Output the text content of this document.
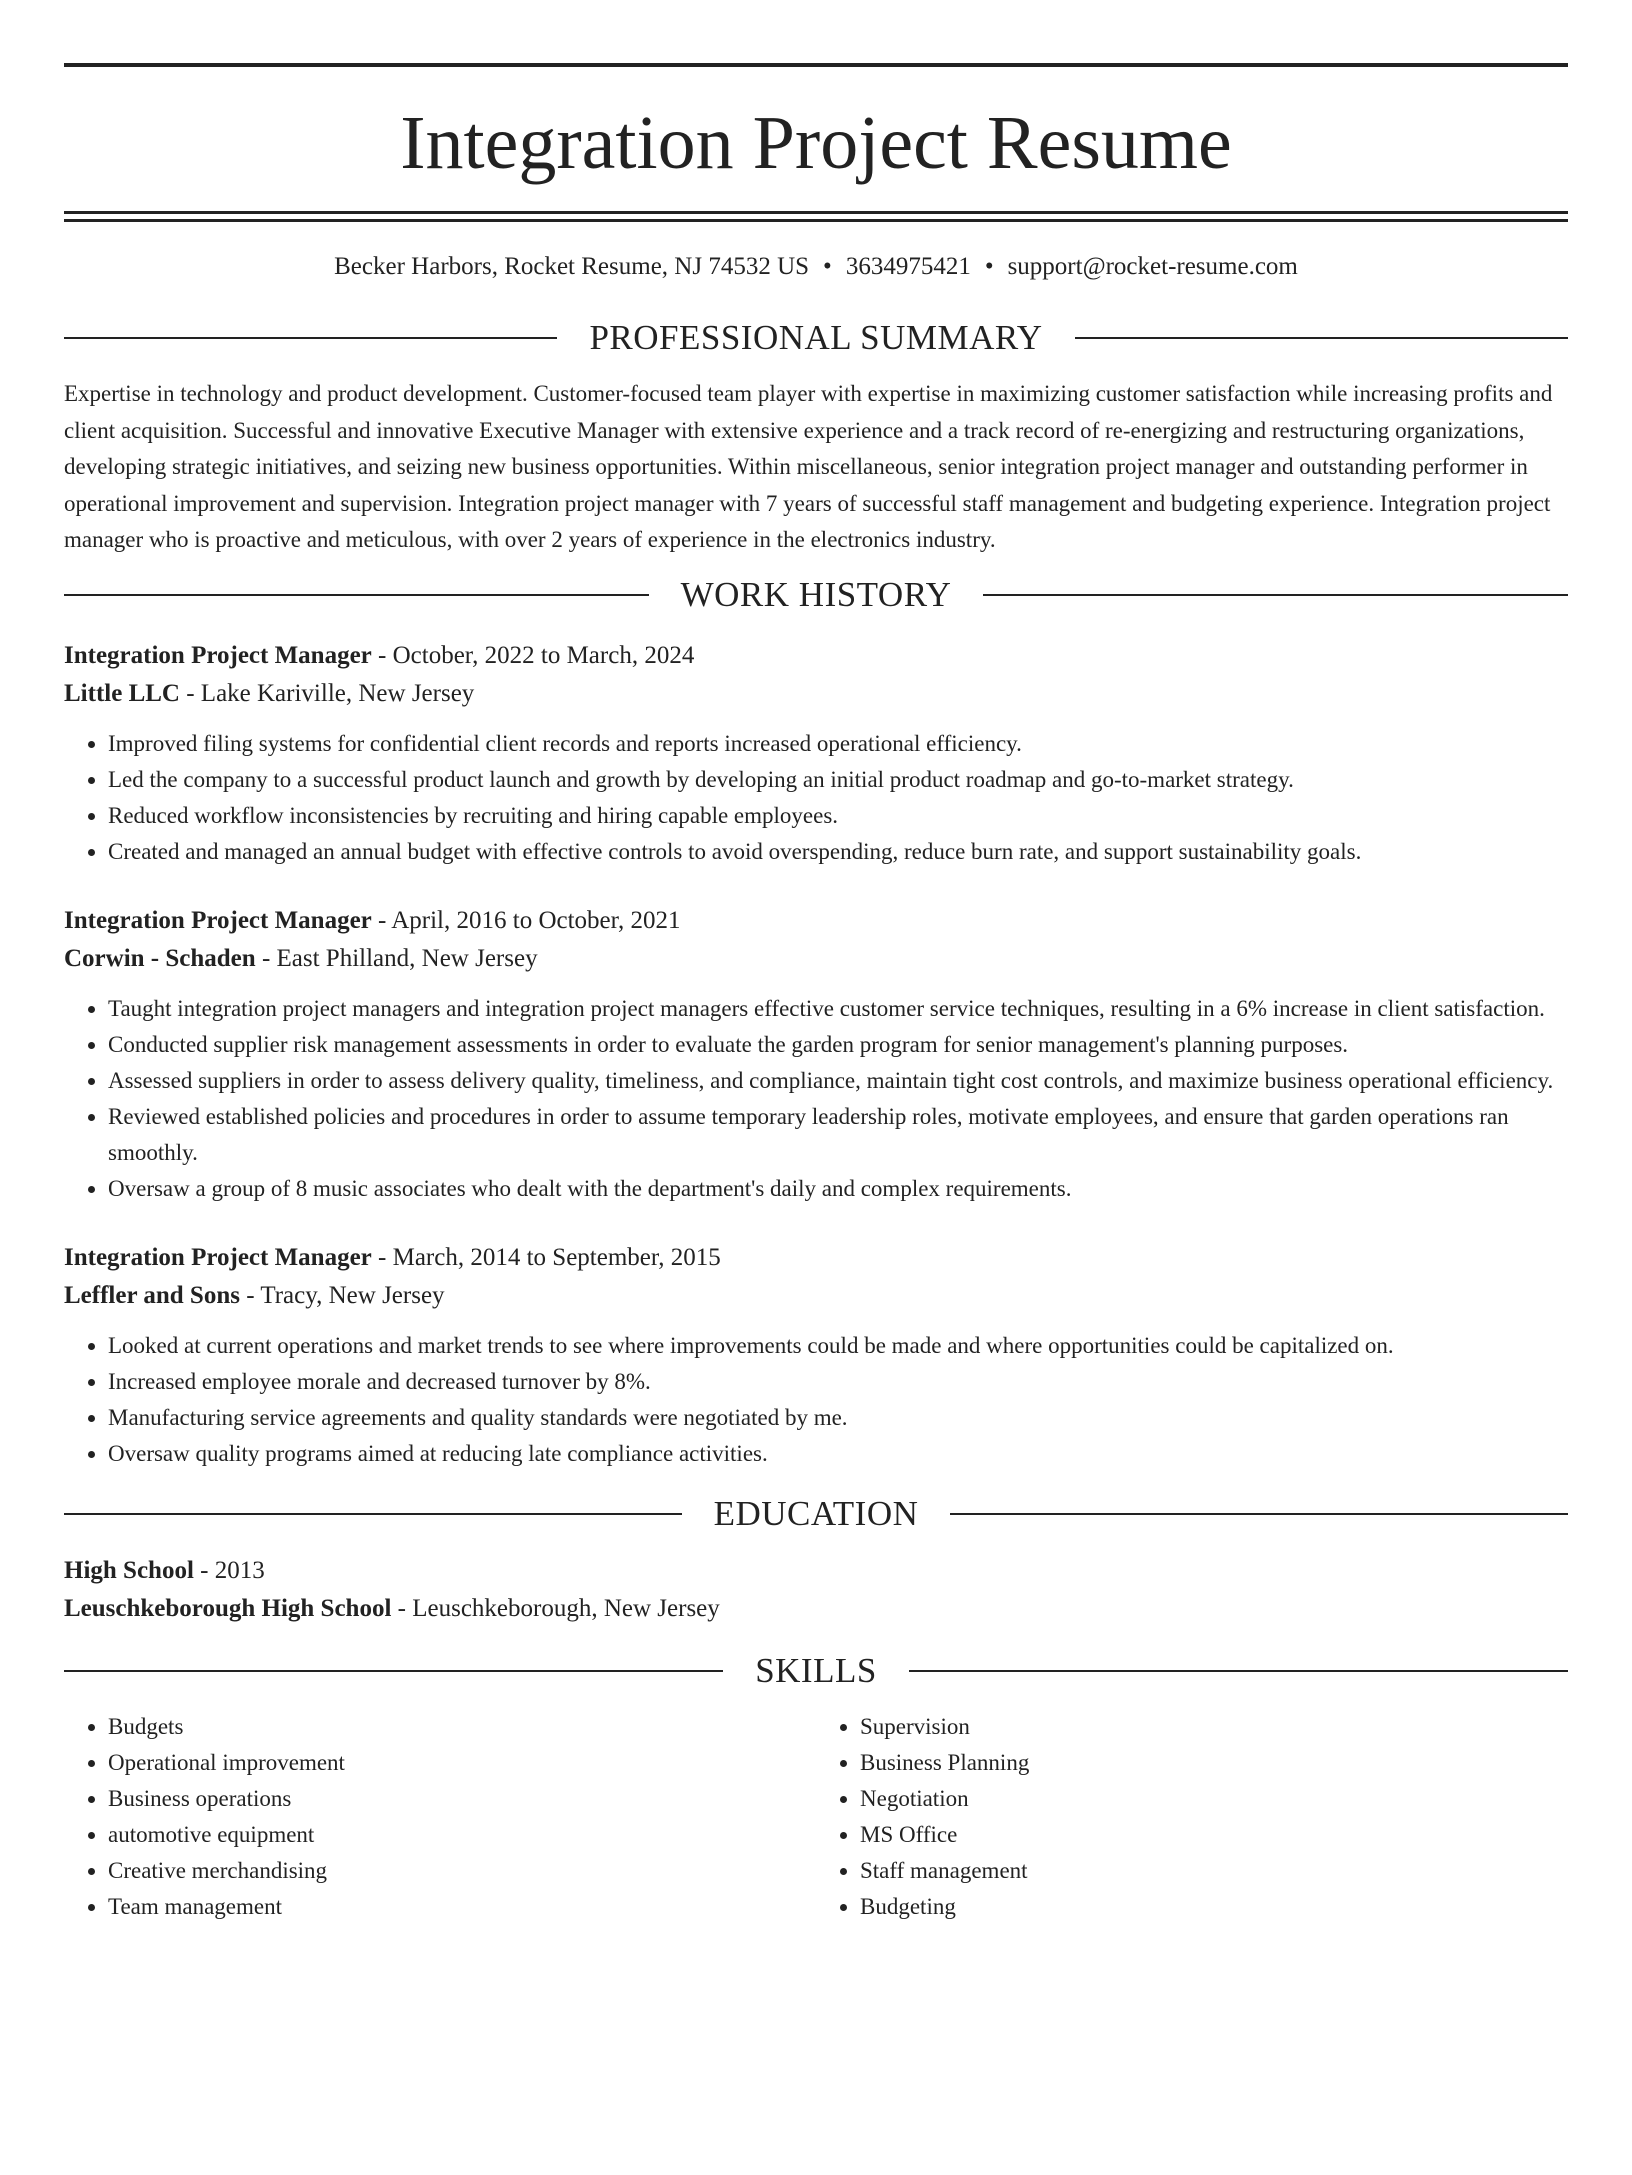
Integration Project Resume
Becker Harbors, Rocket Resume, NJ 74532 US • 3634975421 • support@rocket-resume.com
PROFESSIONAL SUMMARY
Expertise in technology and product development. Customer-focused team player with expertise in maximizing customer satisfaction while increasing profits and client acquisition. Successful and innovative Executive Manager with extensive experience and a track record of re-energizing and restructuring organizations, developing strategic initiatives, and seizing new business opportunities. Within miscellaneous, senior integration project manager and outstanding performer in operational improvement and supervision. Integration project manager with 7 years of successful staff management and budgeting experience. Integration project manager who is proactive and meticulous, with over 2 years of experience in the electronics industry.
WORK HISTORY
Integration Project Manager - October, 2022 to March, 2024
Little LLC - Lake Kariville, New Jersey
• Improved filing systems for confidential client records and reports increased operational efficiency.
• Led the company to a successful product launch and growth by developing an initial product roadmap and go-to-market strategy.
• Reduced workflow inconsistencies by recruiting and hiring capable employees.
• Created and managed an annual budget with effective controls to avoid overspending, reduce burn rate, and support sustainability goals.
Integration Project Manager - April, 2016 to October, 2021
Corwin - Schaden - East Philland, New Jersey
• Taught integration project managers and integration project managers effective customer service techniques, resulting in a 6% increase in client satisfaction.
• Conducted supplier risk management assessments in order to evaluate the garden program for senior management's planning purposes.
• Assessed suppliers in order to assess delivery quality, timeliness, and compliance, maintain tight cost controls, and maximize business operational efficiency.
• Reviewed established policies and procedures in order to assume temporary leadership roles, motivate employees, and ensure that garden operations ran smoothly.
• Oversaw a group of 8 music associates who dealt with the department's daily and complex requirements.
Integration Project Manager - March, 2014 to September, 2015
Leffler and Sons - Tracy, New Jersey
• Looked at current operations and market trends to see where improvements could be made and where opportunities could be capitalized on.
• Increased employee morale and decreased turnover by 8%.
• Manufacturing service agreements and quality standards were negotiated by me.
• Oversaw quality programs aimed at reducing late compliance activities.
EDUCATION
High School - 2013
Leuschkeborough High School - Leuschkeborough, New Jersey
SKILLS
• Budgets
• Operational improvement
• Business operations
• automotive equipment
• Creative merchandising
• Team management
• Supervision
• Business Planning
• Negotiation
• MS Office
• Staff management
• Budgeting
